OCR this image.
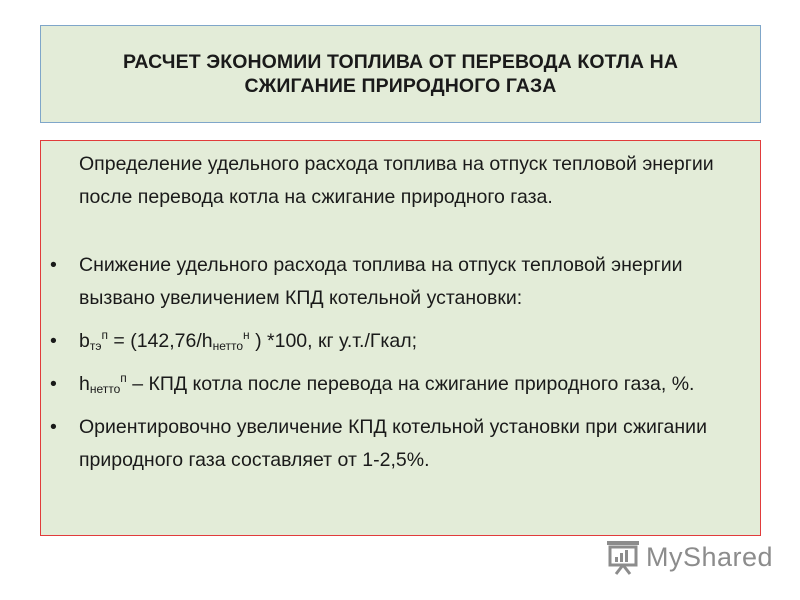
РАСЧЕТ ЭКОНОМИИ ТОПЛИВА ОТ ПЕРЕВОДА КОТЛА НА СЖИГАНИЕ ПРИРОДНОГО ГАЗА
Определение удельного расхода топлива на отпуск тепловой энергии после перевода котла на сжигание природного газа.
• Снижение удельного расхода топлива на отпуск тепловой энергии вызвано увеличением КПД котельной установки:
• $b_{тэ}^п = (142,76/h_{нетто}^н$ ) *100, кг у.т./Гкал;
• $h_{нетто}^п$ – КПД котла после перевода на сжигание природного газа, %.
• Ориентировочно увеличение КПД котельной установки при сжигании природного газа составляет от 1-2,5%.
MyShared
